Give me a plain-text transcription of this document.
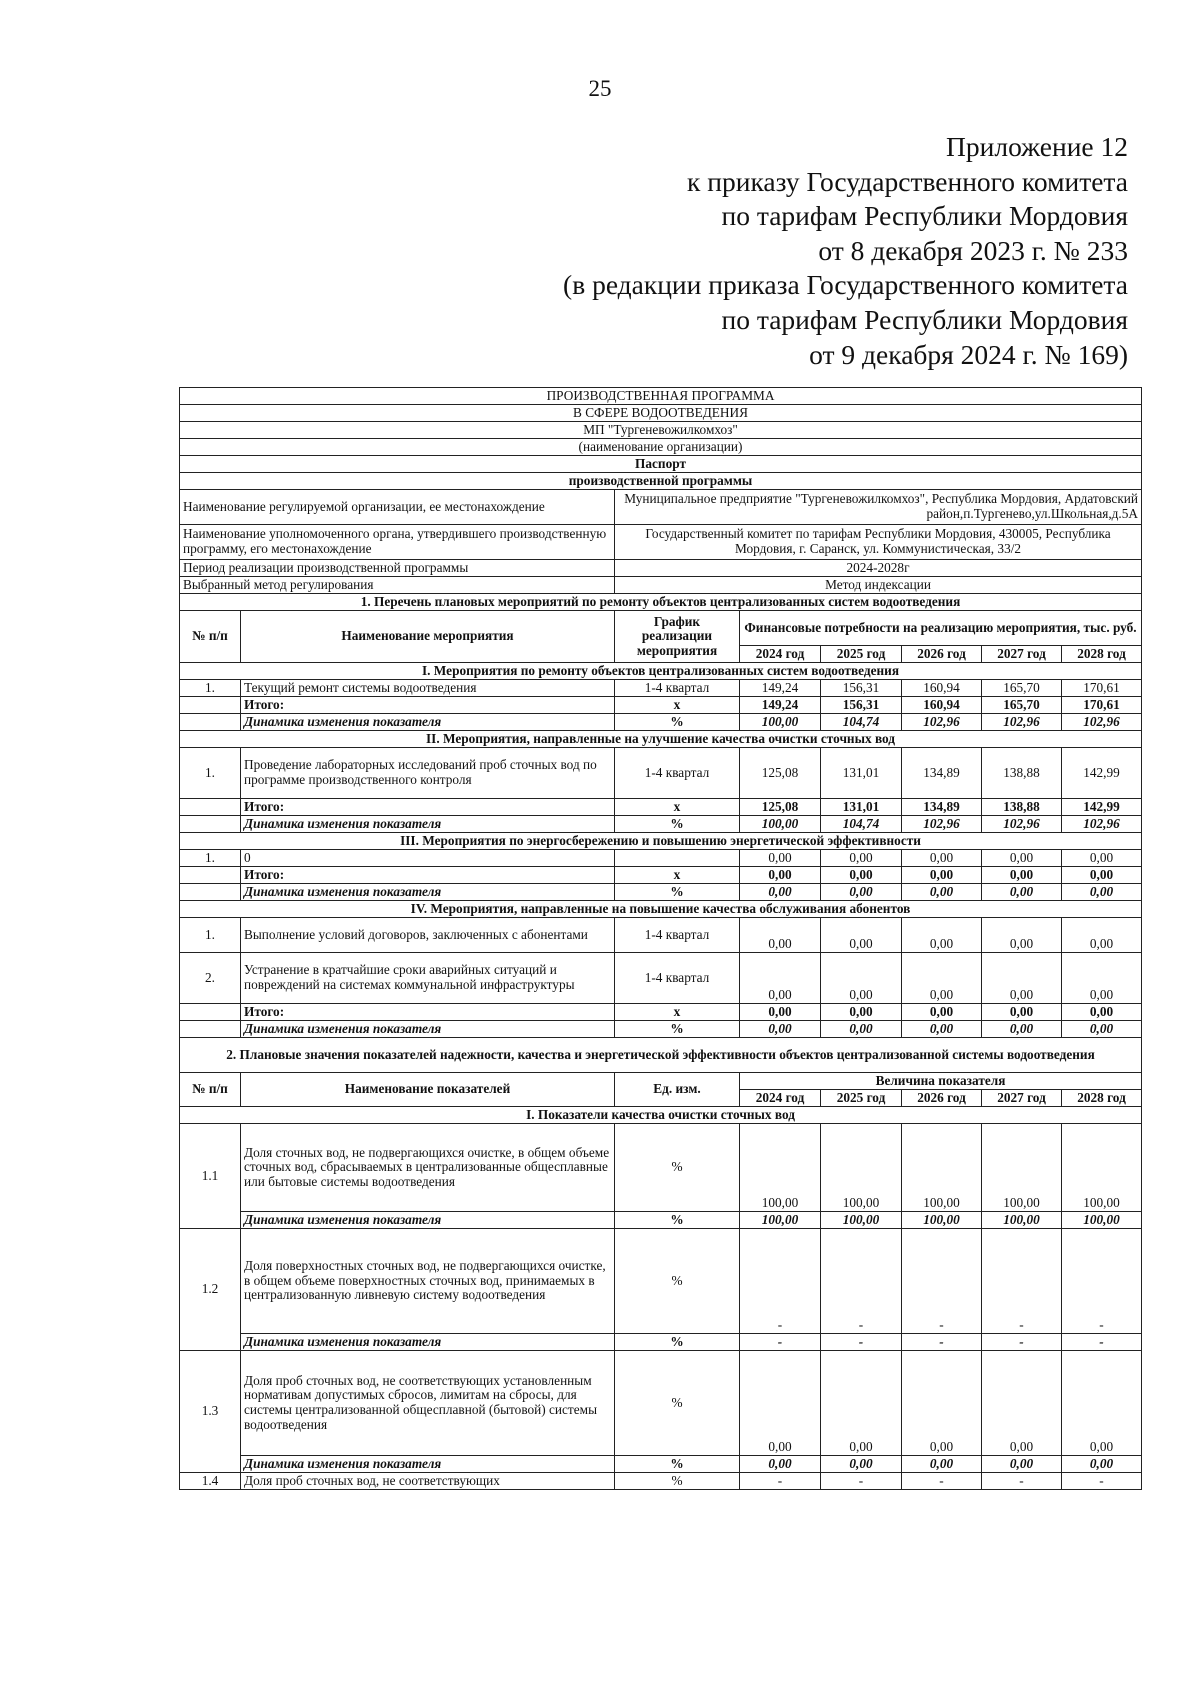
25
Приложение 12
к приказу Государственного комитета
по тарифам Республики Мордовия
от 8 декабря 2023 г. № 233
(в редакции приказа Государственного комитета
по тарифам Республики Мордовия
от 9 декабря 2024 г. № 169)
ПРОИЗВОДСТВЕННАЯ ПРОГРАММА							
В СФЕРЕ ВОДООТВЕДЕНИЯ							
МП "Тургеневожилкомхоз"							
(наименование организации)							
Паспорт							
производственной программы							
Наименование регулируемой организации, ее местонахождение		Муниципальное предприятие "Тургеневожилкомхоз", Республика Мордовия, Ардатовский район,п.Тургенево,ул.Школьная,д.5А					
Наименование уполномоченного органа, утвердившего производственную программу, его местонахождение		Государственный комитет по тарифам Республики Мордовия, 430005, Республика Мордовия, г. Саранск, ул. Коммунистическая, 33/2					
Период реализации производственной программы		2024-2028г					
Выбранный метод регулирования		Метод индексации					
1. Перечень плановых мероприятий по ремонту объектов централизованных систем водоотведения							
№ п/п	Наименование мероприятия	График реализации мероприятия	Финансовые потребности на реализацию мероприятия, тыс. руб.				
			2024 год	2025 год	2026 год	2027 год	2028 год
I. Мероприятия по ремонту объектов централизованных систем водоотведения							
1.	Текущий ремонт системы водоотведения	1-4 квартал	149,24	156,31	160,94	165,70	170,61
	Итого:	х	149,24	156,31	160,94	165,70	170,61
	Динамика изменения показателя	%	100,00	104,74	102,96	102,96	102,96
II. Мероприятия, направленные на улучшение качества очистки сточных вод							
1.	Проведение лабораторных исследований проб сточных вод по программе производственного контроля	1-4 квартал	125,08	131,01	134,89	138,88	142,99
	Итого:	х	125,08	131,01	134,89	138,88	142,99
	Динамика изменения показателя	%	100,00	104,74	102,96	102,96	102,96
III. Мероприятия по энергосбережению и повышению энергетической эффективности							
1.	0		0,00	0,00	0,00	0,00	0,00
	Итого:	х	0,00	0,00	0,00	0,00	0,00
	Динамика изменения показателя	%	0,00	0,00	0,00	0,00	0,00
IV. Мероприятия, направленные на повышение качества обслуживания абонентов							
1.	Выполнение условий договоров, заключенных с абонентами	1-4 квартал	0,00	0,00	0,00	0,00	0,00
2.	Устранение в кратчайшие сроки аварийных ситуаций и повреждений на системах коммунальной инфраструктуры	1-4 квартал	0,00	0,00	0,00	0,00	0,00
	Итого:	х	0,00	0,00	0,00	0,00	0,00
	Динамика изменения показателя	%	0,00	0,00	0,00	0,00	0,00
2. Плановые значения показателей надежности, качества и энергетической эффективности объектов централизованной системы водоотведения							
№ п/п	Наименование показателей	Ед. изм.	Величина показателя				
			2024 год	2025 год	2026 год	2027 год	2028 год
I. Показатели качества очистки сточных вод							
1.1	Доля сточных вод, не подвергающихся очистке, в общем объеме сточных вод, сбрасываемых в централизованные общесплавные или бытовые системы водоотведения	%	100,00	100,00	100,00	100,00	100,00
	Динамика изменения показателя	%	100,00	100,00	100,00	100,00	100,00
1.2	Доля поверхностных сточных вод, не подвергающихся очистке, в общем объеме поверхностных сточных вод, принимаемых в централизованную ливневую систему водоотведения	%	-	-	-	-	-
	Динамика изменения показателя	%	-	-	-	-	-
1.3	Доля проб сточных вод, не соответствующих установленным нормативам допустимых сбросов, лимитам на сбросы, для системы централизованной общесплавной (бытовой) системы водоотведения	%	0,00	0,00	0,00	0,00	0,00
	Динамика изменения показателя	%	0,00	0,00	0,00	0,00	0,00
1.4	Доля проб сточных вод, не соответствующих	%	-	-	-	-	-
